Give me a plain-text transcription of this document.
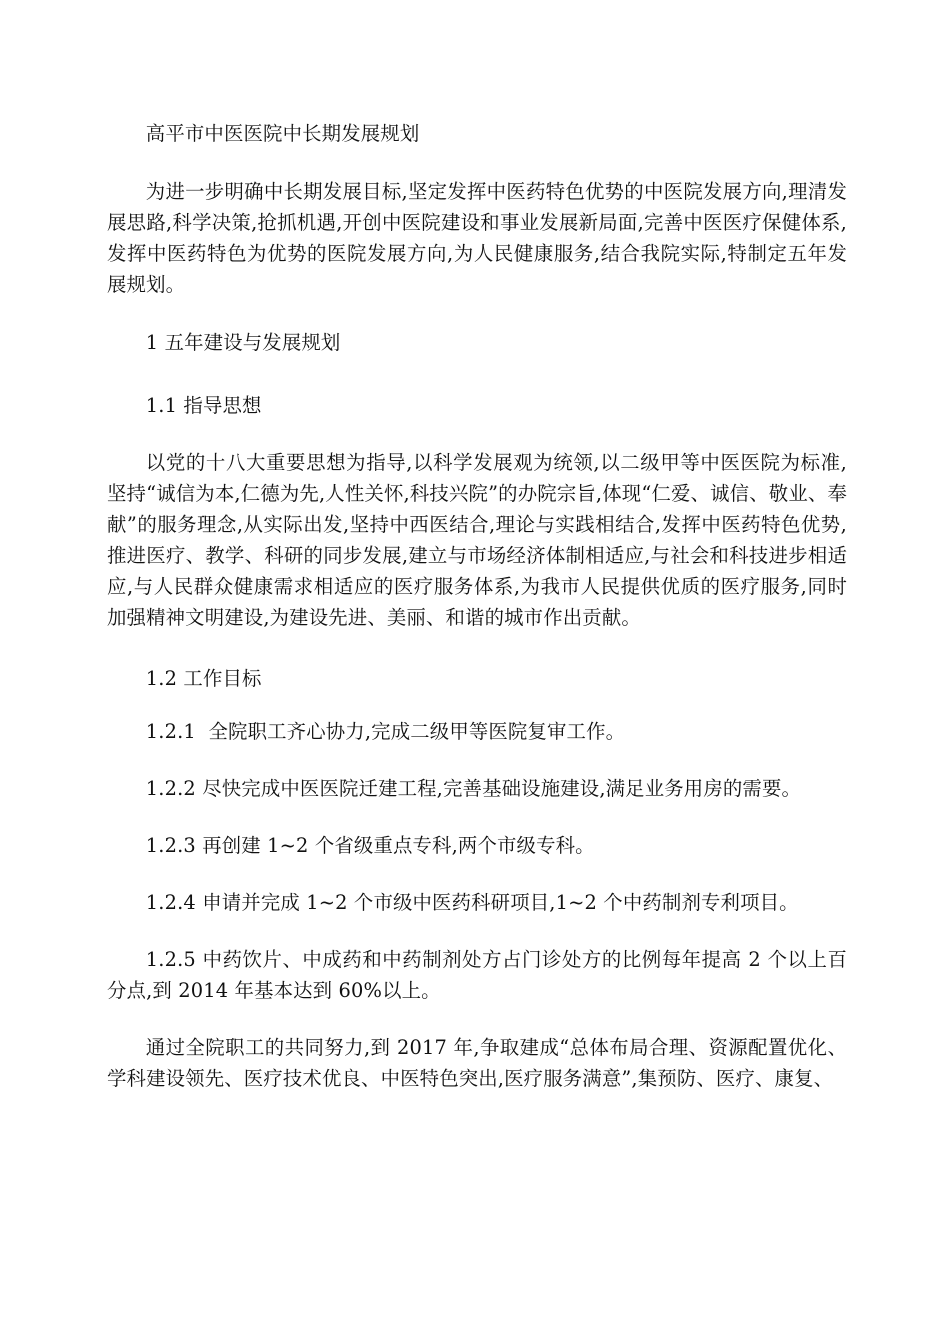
高平市中医医院中长期发展规划

为进一步明确中长期发展目标,坚定发挥中医药特色优势的中医院发展方向,理清发展思路,科学决策,抢抓机遇,开创中医院建设和事业发展新局面,完善中医医疗保健体系,发挥中医药特色为优势的医院发展方向,为人民健康服务,结合我院实际,特制定五年发展规划。

1 五年建设与发展规划

1.1 指导思想

以党的十八大重要思想为指导,以科学发展观为统领,以二级甲等中医医院为标准,坚持“诚信为本,仁德为先,人性关怀,科技兴院”的办院宗旨,体现“仁爱、诚信、敬业、奉献”的服务理念,从实际出发,坚持中西医结合,理论与实践相结合,发挥中医药特色优势,推进医疗、教学、科研的同步发展,建立与市场经济体制相适应,与社会和科技进步相适应,与人民群众健康需求相适应的医疗服务体系,为我市人民提供优质的医疗服务,同时加强精神文明建设,为建设先进、美丽、和谐的城市作出贡献。

1.2 工作目标

1.2.1  全院职工齐心协力,完成二级甲等医院复审工作。

1.2.2 尽快完成中医医院迁建工程,完善基础设施建设,满足业务用房的需要。

1.2.3 再创建 1~2 个省级重点专科,两个市级专科。

1.2.4 申请并完成 1~2 个市级中医药科研项目,1~2 个中药制剂专利项目。

1.2.5 中药饮片、中成药和中药制剂处方占门诊处方的比例每年提高 2 个以上百分点,到 2014 年基本达到 60%以上。

通过全院职工的共同努力,到 2017 年,争取建成“总体布局合理、资源配置优化、学科建设领先、医疗技术优良、中医特色突出,医疗服务满意”,集预防、医疗、康复、
